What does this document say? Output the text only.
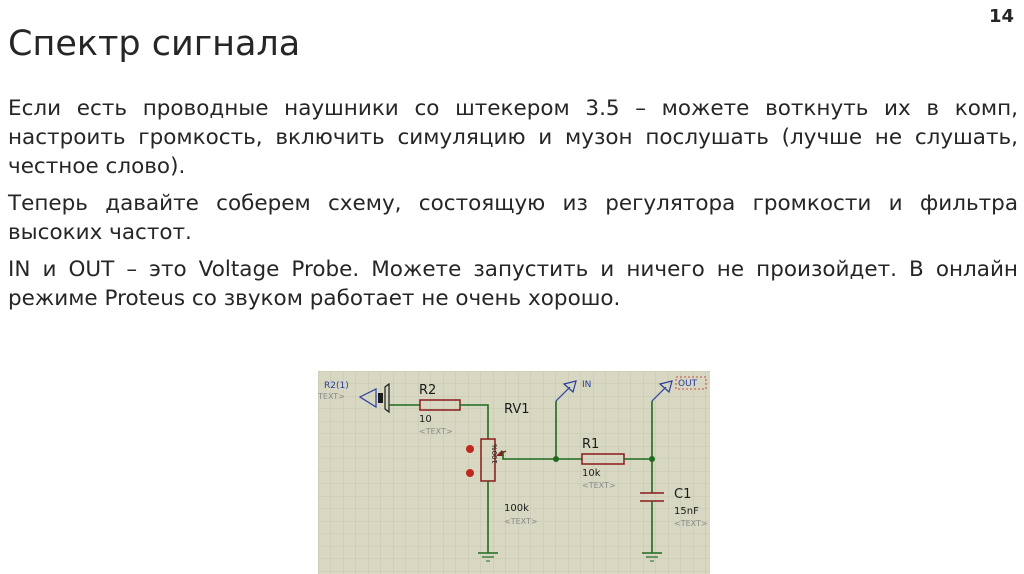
14
Спектр сигнала

Если есть проводные наушники со штекером 3.5 – можете воткнуть их в комп, настроить громкость, включить симуляцию и музон послушать (лучше не слушать, честное слово).

Теперь давайте соберем схему, состоящую из регулятора громкости и фильтра высоких частот.

IN и OUT – это Voltage Probe. Можете запустить и ничего не произойдет. В онлайн режиме Proteus со звуком работает не очень хорошо.

R2(1)
TEXT>	R2
10
<TEXT>
100%
RV1
100k
<TEXT>
IN
R1
10k
<TEXT>
OUT
C1
15nF
<TEXT>
